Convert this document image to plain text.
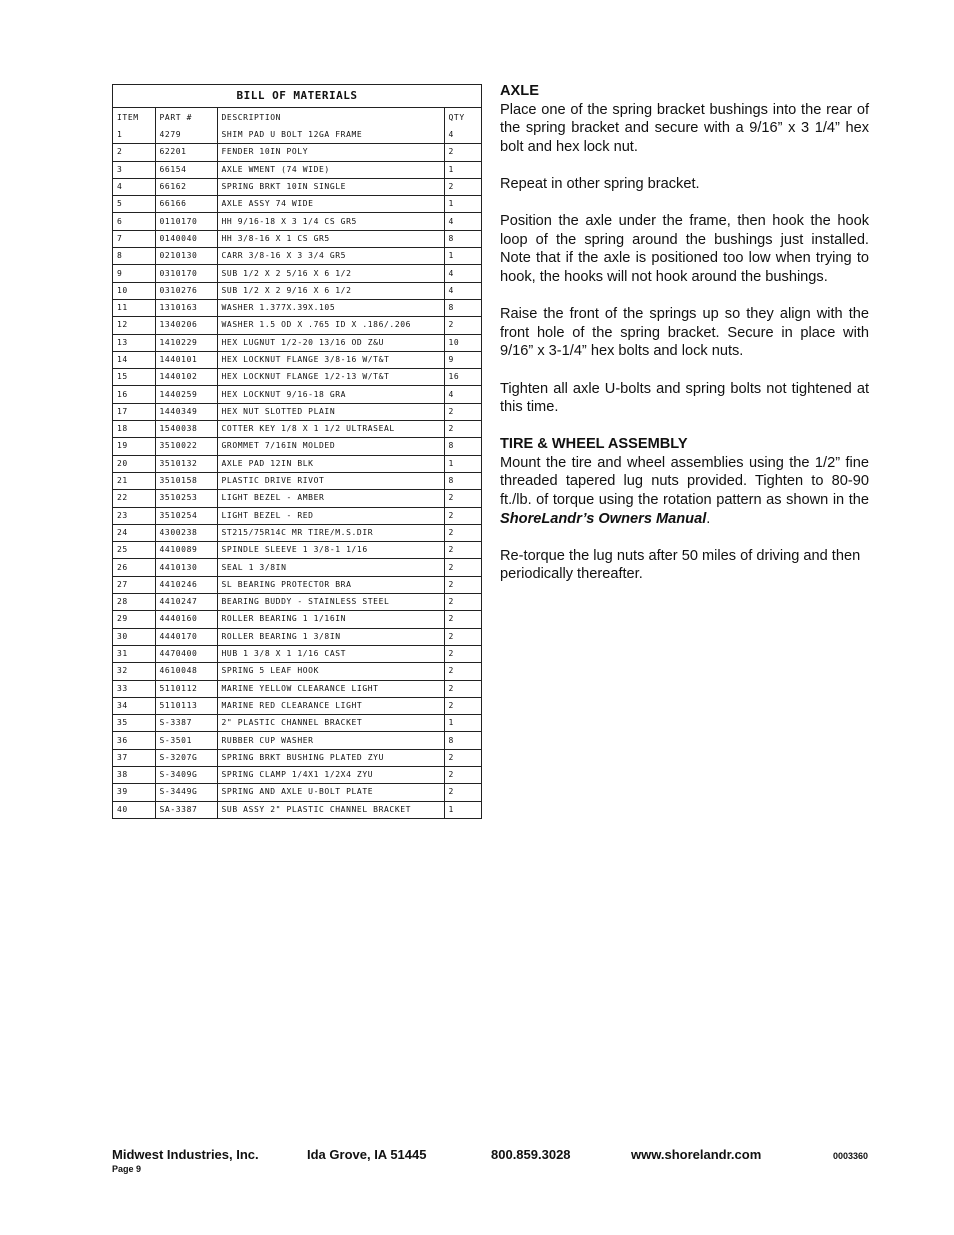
BILL OF MATERIALS
ITEM	PART #	DESCRIPTION	QTY
1	4279	SHIM PAD U BOLT 12GA FRAME	4
2	62201	FENDER 10IN POLY	2
3	66154	AXLE WMENT (74 WIDE)	1
4	66162	SPRING BRKT 10IN SINGLE	2
5	66166	AXLE ASSY 74 WIDE	1
6	0110170	HH 9/16-18 X 3 1/4 CS GR5	4
7	0140040	HH 3/8-16 X 1 CS GR5	8
8	0210130	CARR 3/8-16 X 3 3/4 GR5	1
9	0310170	SUB 1/2 X 2 5/16 X 6 1/2	4
10	0310276	SUB 1/2 X 2 9/16 X 6 1/2	4
11	1310163	WASHER 1.377X.39X.105	8
12	1340206	WASHER 1.5 OD X .765 ID X .186/.206	2
13	1410229	HEX LUGNUT 1/2-20 13/16 OD Z&U	10
14	1440101	HEX LOCKNUT FLANGE 3/8-16 W/T&T	9
15	1440102	HEX LOCKNUT FLANGE 1/2-13 W/T&T	16
16	1440259	HEX LOCKNUT 9/16-18 GRA	4
17	1440349	HEX NUT SLOTTED PLAIN	2
18	1540038	COTTER KEY 1/8 X 1 1/2 ULTRASEAL	2
19	3510022	GROMMET 7/16IN MOLDED	8
20	3510132	AXLE PAD 12IN BLK	1
21	3510158	PLASTIC DRIVE RIVOT	8
22	3510253	LIGHT BEZEL - AMBER	2
23	3510254	LIGHT BEZEL - RED	2
24	4300238	ST215/75R14C MR TIRE/M.S.DIR	2
25	4410089	SPINDLE SLEEVE 1 3/8-1 1/16	2
26	4410130	SEAL 1 3/8IN	2
27	4410246	SL BEARING PROTECTOR BRA	2
28	4410247	BEARING BUDDY - STAINLESS STEEL	2
29	4440160	ROLLER BEARING 1 1/16IN	2
30	4440170	ROLLER BEARING 1 3/8IN	2
31	4470400	HUB 1 3/8 X 1 1/16 CAST	2
32	4610048	SPRING 5 LEAF HOOK	2
33	5110112	MARINE YELLOW CLEARANCE LIGHT	2
34	5110113	MARINE RED CLEARANCE LIGHT	2
35	S-3387	2" PLASTIC CHANNEL BRACKET	1
36	S-3501	RUBBER CUP WASHER	8
37	S-3207G	SPRING BRKT BUSHING PLATED ZYU	2
38	S-3409G	SPRING CLAMP 1/4X1 1/2X4 ZYU	2
39	S-3449G	SPRING AND AXLE U-BOLT PLATE	2
40	SA-3387	SUB ASSY 2" PLASTIC CHANNEL BRACKET	1
AXLE

Place one of the spring bracket bushings into the rear of the spring bracket and secure with a 9/16” x 3 1/4” hex bolt and hex lock nut.

Repeat in other spring bracket.

Position the axle under the frame, then hook the hook loop of the spring around the bushings just installed. Note that if the axle is positioned too low when trying to hook, the hooks will not hook around the bushings.

Raise the front of the springs up so they align with the front hole of the spring bracket. Secure in place with 9/16” x 3-1/4” hex bolts and lock nuts.

Tighten all axle U-bolts and spring bolts not tightened at this time.

TIRE & WHEEL ASSEMBLY

Mount the tire and wheel assemblies using the 1/2” fine threaded tapered lug nuts provided. Tighten to 80-90 ft./lb. of torque using the rotation pattern as shown in the ShoreLandr’s Owners Manual.

Re-torque the lug nuts after 50 miles of driving and then periodically thereafter.

Midwest Industries, Inc.	Ida Grove, IA 51445	800.859.3028	www.shorelandr.com	0003360
Page 9
